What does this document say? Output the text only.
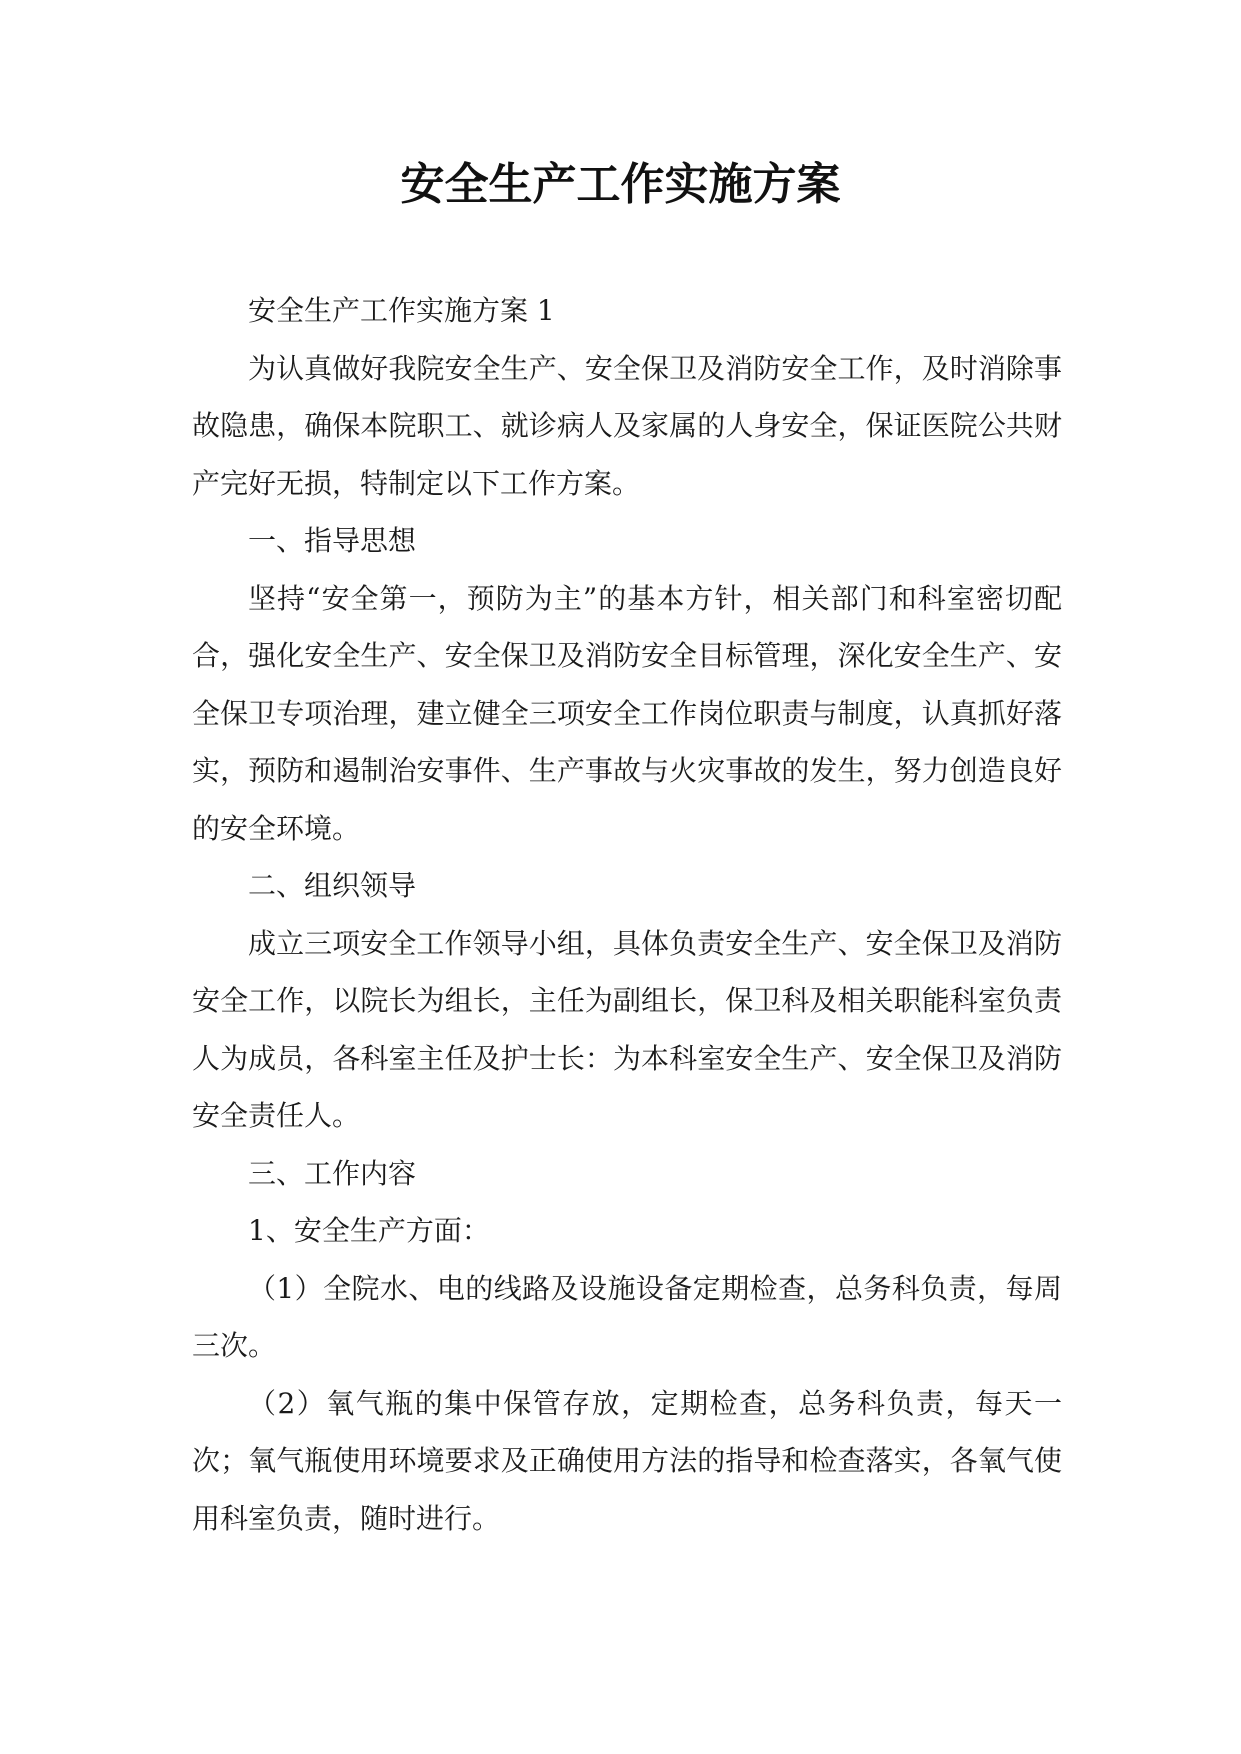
安全生产工作实施方案

安全生产工作实施方案 1

为认真做好我院安全生产、安全保卫及消防安全工作，及时消除事故隐患，确保本院职工、就诊病人及家属的人身安全，保证医院公共财产完好无损，特制定以下工作方案。

一、指导思想

坚持“安全第一，预防为主”的基本方针，相关部门和科室密切配合，强化安全生产、安全保卫及消防安全目标管理，深化安全生产、安全保卫专项治理，建立健全三项安全工作岗位职责与制度，认真抓好落实，预防和遏制治安事件、生产事故与火灾事故的发生，努力创造良好的安全环境。

二、组织领导

成立三项安全工作领导小组，具体负责安全生产、安全保卫及消防安全工作，以院长为组长，主任为副组长，保卫科及相关职能科室负责人为成员，各科室主任及护士长：为本科室安全生产、安全保卫及消防安全责任人。

三、工作内容

1、安全生产方面：

（1）全院水、电的线路及设施设备定期检查，总务科负责，每周三次。

（2）氧气瓶的集中保管存放，定期检查，总务科负责，每天一次；氧气瓶使用环境要求及正确使用方法的指导和检查落实，各氧气使用科室负责，随时进行。
